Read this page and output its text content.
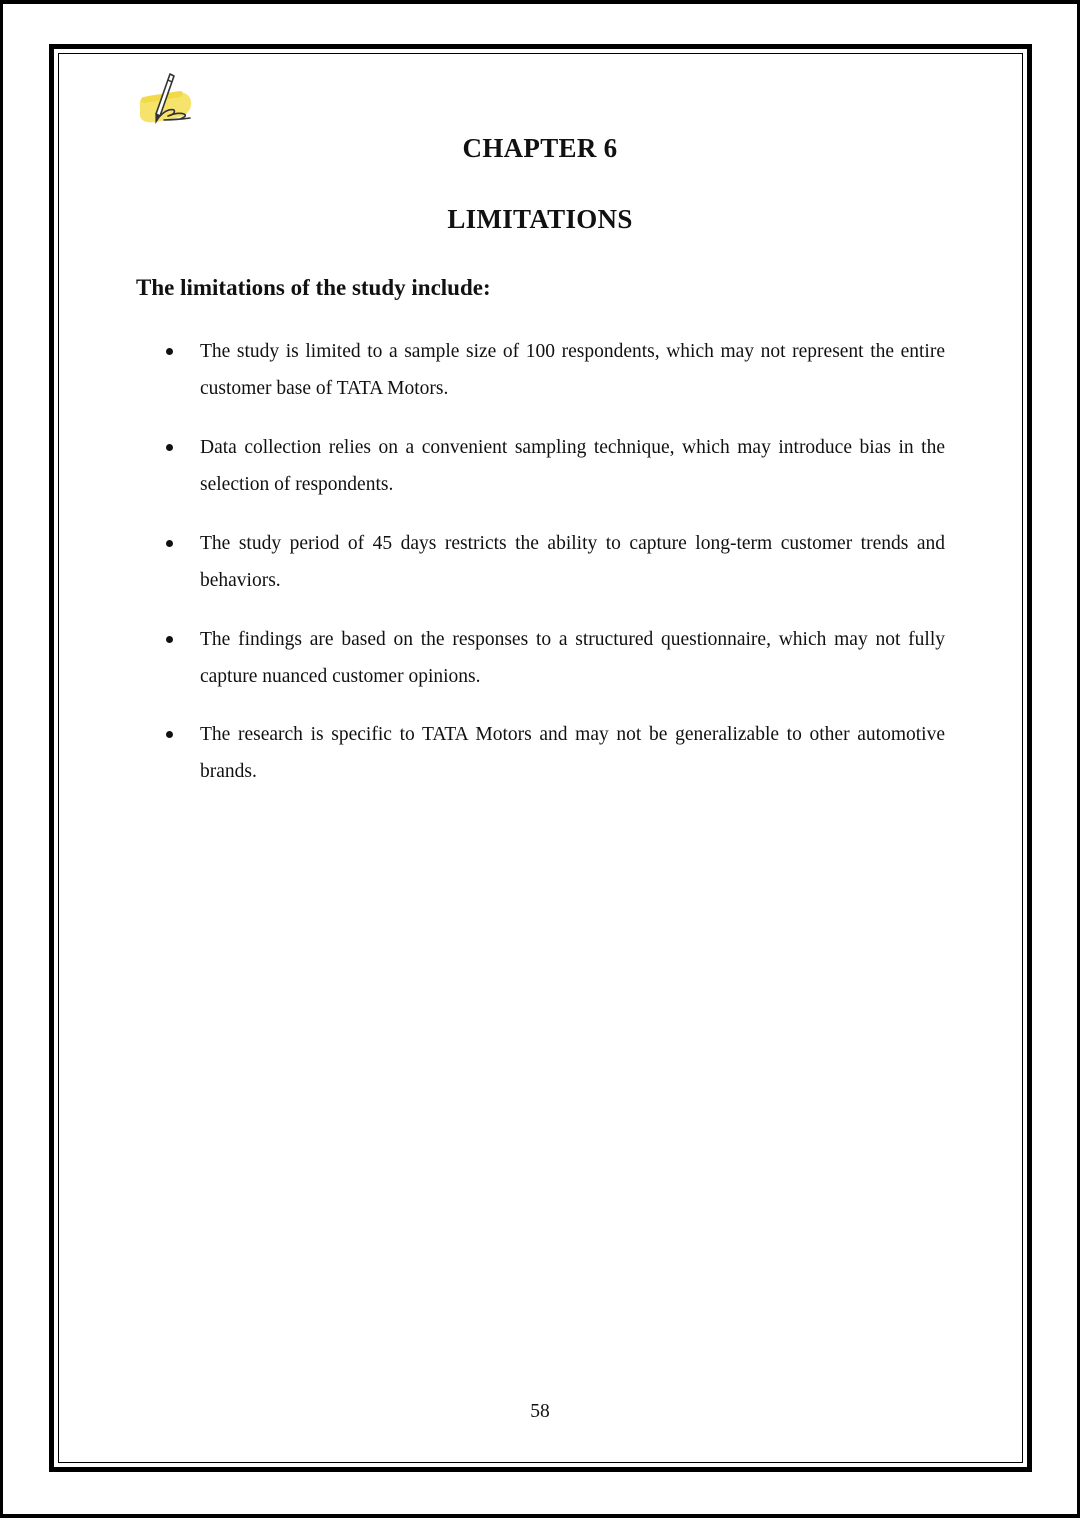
CHAPTER 6
LIMITATIONS
The limitations of the study include:
The study is limited to a sample size of 100 respondents, which may not represent the entire customer base of TATA Motors.
Data collection relies on a convenient sampling technique, which may introduce bias in the selection of respondents.
The study period of 45 days restricts the ability to capture long-term customer trends and behaviors.
The findings are based on the responses to a structured questionnaire, which may not fully capture nuanced customer opinions.
The research is specific to TATA Motors and may not be generalizable to other automotive brands.
58
